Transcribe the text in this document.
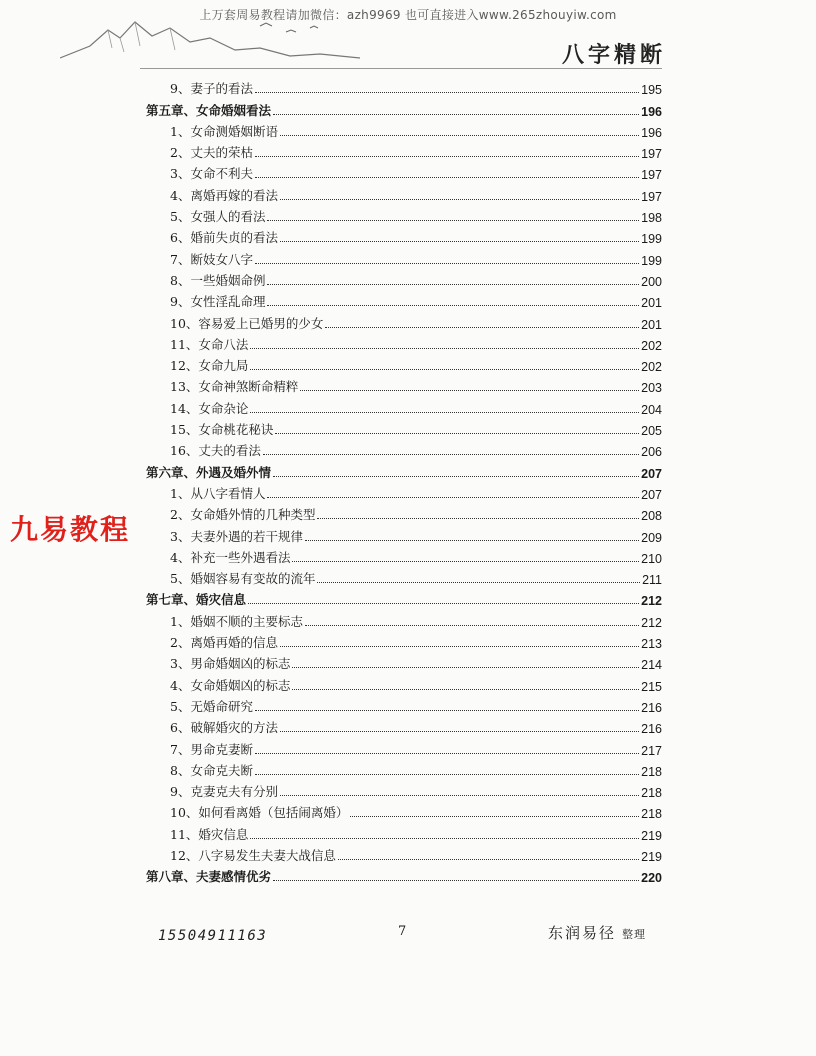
上万套周易教程请加微信：azh9969 也可直接进入www.265zhouyiw.com
八字精断
九易教程
9、妻子的看法	195
第五章、女命婚姻看法	196
1、女命测婚姻断语	196
2、丈夫的荣枯	197
3、女命不利夫	197
4、离婚再嫁的看法	197
5、女强人的看法	198
6、婚前失贞的看法	199
7、断妓女八字	199
8、一些婚姻命例	200
9、女性淫乱命理	201
10、容易爱上已婚男的少女	201
11、女命八法	202
12、女命九局	202
13、女命神煞断命精粹	203
14、女命杂论	204
15、女命桃花秘诀	205
16、丈夫的看法	206
第六章、外遇及婚外情	207
1、从八字看情人	207
2、女命婚外情的几种类型	208
3、夫妻外遇的若干规律	209
4、补充一些外遇看法	210
5、婚姻容易有变故的流年	211
第七章、婚灾信息	212
1、婚姻不顺的主要标志	212
2、离婚再婚的信息	213
3、男命婚姻凶的标志	214
4、女命婚姻凶的标志	215
5、无婚命研究	216
6、破解婚灾的方法	216
7、男命克妻断	217
8、女命克夫断	218
9、克妻克夫有分别	218
10、如何看离婚（包括闹离婚）	218
11、婚灾信息	219
12、八字易发生夫妻大战信息	219
第八章、夫妻感情优劣	220
15504911163	7	东润易径 整理
